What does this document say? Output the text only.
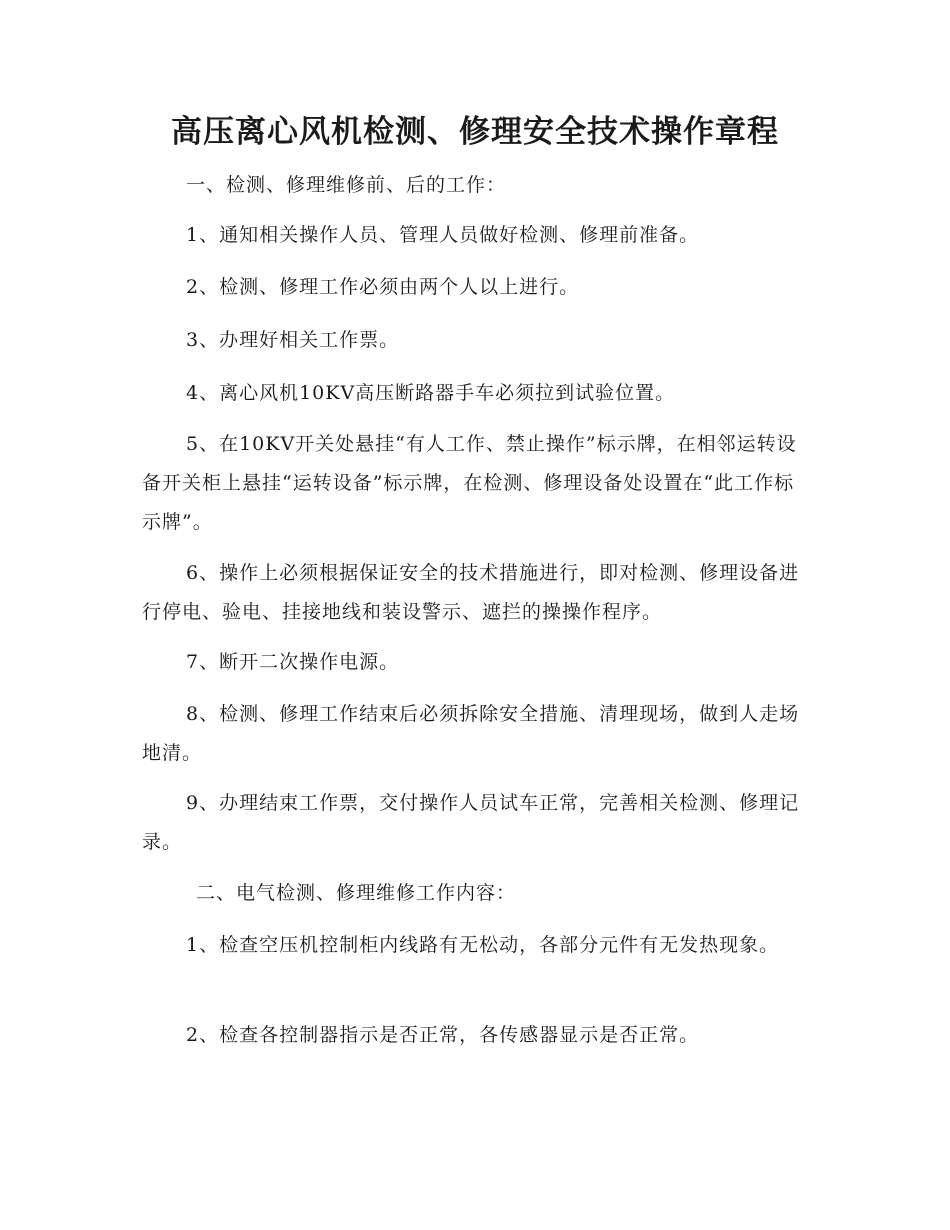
高压离心风机检测、修理安全技术操作章程

一、检测、修理维修前、后的工作：

1、通知相关操作人员、管理人员做好检测、修理前准备。

2、检测、修理工作必须由两个人以上进行。

3、办理好相关工作票。

4、离心风机10KV高压断路器手车必须拉到试验位置。

5、在10KV开关处悬挂“有人工作、禁止操作”标示牌，在相邻运转设备开关柜上悬挂“运转设备”标示牌，在检测、修理设备处设置在“此工作标示牌”。

6、操作上必须根据保证安全的技术措施进行，即对检测、修理设备进行停电、验电、挂接地线和装设警示、遮拦的操操作程序。

7、断开二次操作电源。

8、检测、修理工作结束后必须拆除安全措施、清理现场，做到人走场地清。

9、办理结束工作票，交付操作人员试车正常，完善相关检测、修理记录。

二、电气检测、修理维修工作内容：

1、检查空压机控制柜内线路有无松动，各部分元件有无发热现象。

2、检查各控制器指示是否正常，各传感器显示是否正常。
